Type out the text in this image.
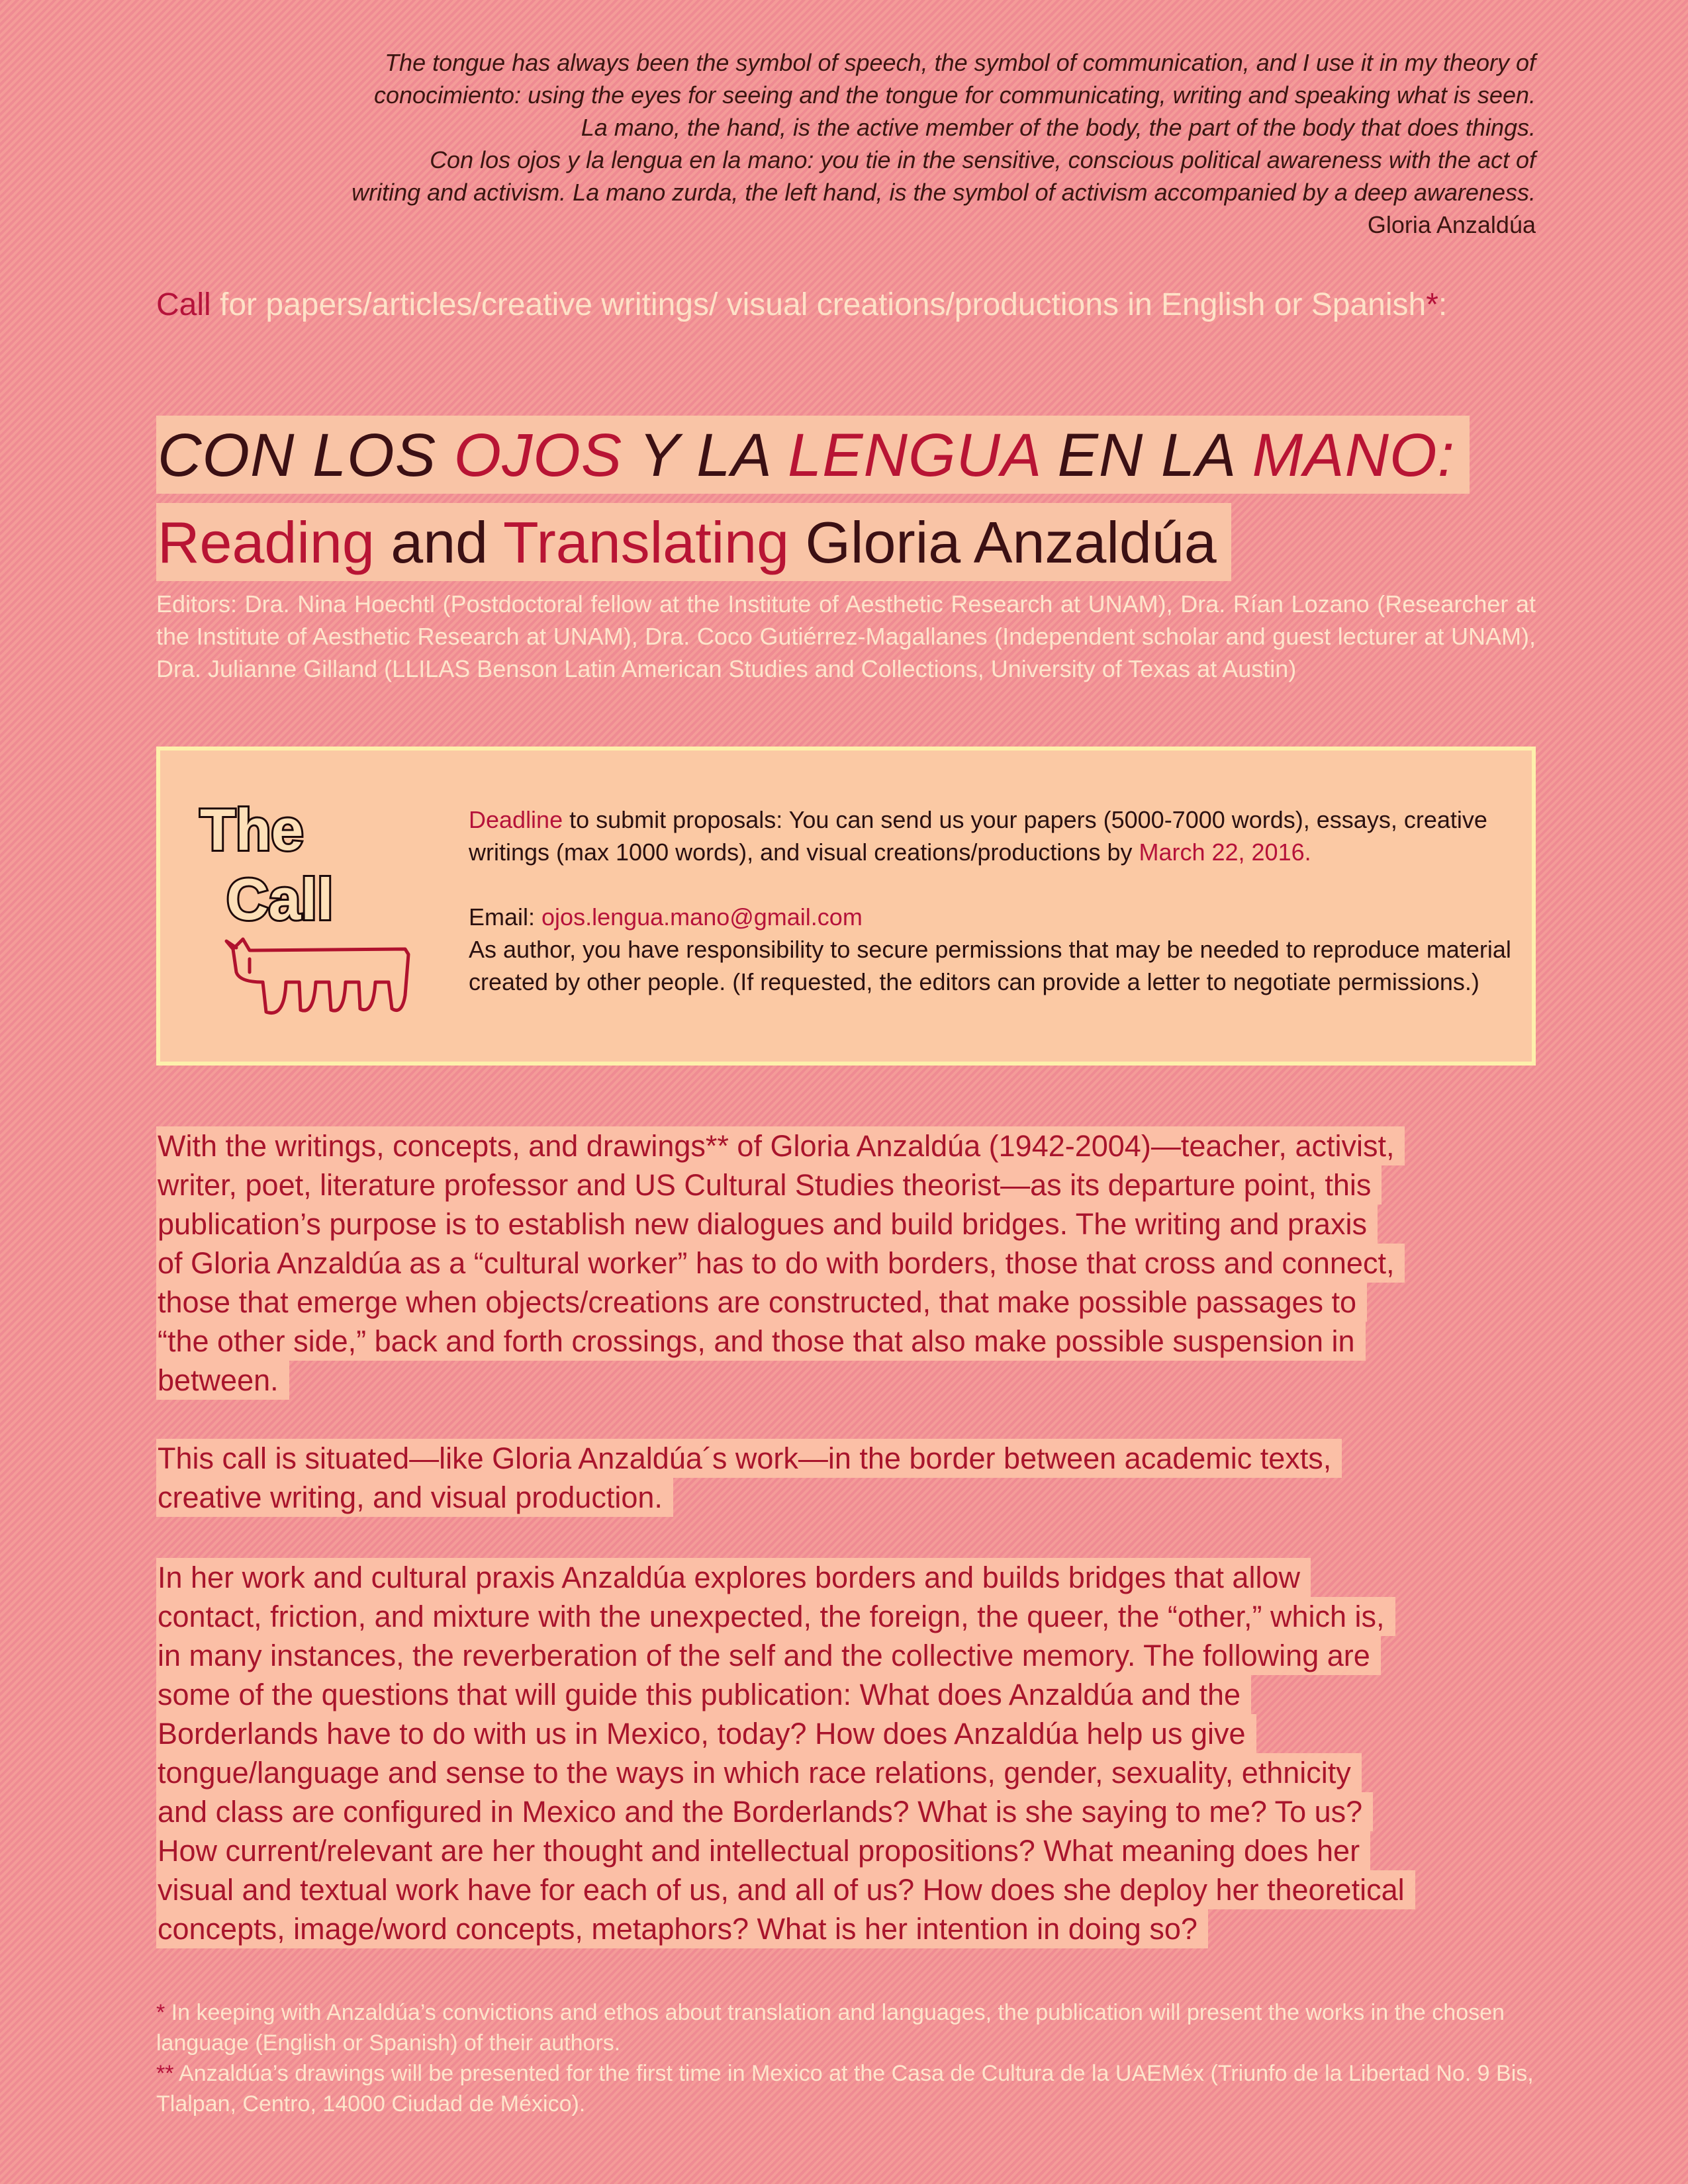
The tongue has always been the symbol of speech, the symbol of communication, and I use it in my theory of
conocimiento: using the eyes for seeing and the tongue for communicating, writing and speaking what is seen.
La mano, the hand, is the active member of the body, the part of the body that does things.
Con los ojos y la lengua en la mano: you tie in the sensitive, conscious political awareness with the act of
writing and activism. La mano zurda, the left hand, is the symbol of activism accompanied by a deep awareness.
Gloria Anzaldúa
Call for papers/articles/creative writings/ visual creations/productions in English or Spanish*:
CON LOS OJOS Y LA LENGUA EN LA MANO:
Reading and Translating Gloria Anzaldúa
Editors: Dra. Nina Hoechtl (Postdoctoral fellow at the Institute of Aesthetic Research at UNAM), Dra. Rían Lozano (Researcher at the Institute of Aesthetic Research at UNAM), Dra. Coco Gutiérrez-Magallanes (Independent scholar and guest lecturer at UNAM), Dra. Julianne Gilland (LLILAS Benson Latin American Studies and Collections, University of Texas at Austin)
The
Call

Deadline to submit proposals: You can send us your papers (5000-7000 words), essays, creative writings (max 1000 words), and visual creations/productions by March 22, 2016.

Email: ojos.lengua.mano@gmail.com

As author, you have responsibility to secure permissions that may be needed to reproduce material created by other people. (If requested, the editors can provide a letter to negotiate permissions.)

With the writings, concepts, and drawings** of Gloria Anzaldúa (1942-2004)—teacher, activist,
writer, poet, literature professor and US Cultural Studies theorist—as its departure point, this
publication’s purpose is to establish new dialogues and build bridges. The writing and praxis
of Gloria Anzaldúa as a “cultural worker” has to do with borders, those that cross and connect,
those that emerge when objects/creations are constructed, that make possible passages to
“the other side,” back and forth crossings, and those that also make possible suspension in
between.
This call is situated—like Gloria Anzaldúa´s work—in the border between academic texts,
creative writing, and visual production.
In her work and cultural praxis Anzaldúa explores borders and builds bridges that allow
contact, friction, and mixture with the unexpected, the foreign, the queer, the “other,” which is,
in many instances, the reverberation of the self and the collective memory. The following are
some of the questions that will guide this publication: What does Anzaldúa and the
Borderlands have to do with us in Mexico, today? How does Anzaldúa help us give
tongue/language and sense to the ways in which race relations, gender, sexuality, ethnicity
and class are configured in Mexico and the Borderlands? What is she saying to me? To us?
How current/relevant are her thought and intellectual propositions? What meaning does her
visual and textual work have for each of us, and all of us? How does she deploy her theoretical
concepts, image/word concepts, metaphors? What is her intention in doing so?

* In keeping with Anzaldúa’s convictions and ethos about translation and languages, the publication will present the works in the chosen language (English or Spanish) of their authors.

** Anzaldúa’s drawings will be presented for the first time in Mexico at the Casa de Cultura de la UAEMéx (Triunfo de la Libertad No. 9 Bis, Tlalpan, Centro, 14000 Ciudad de México).
